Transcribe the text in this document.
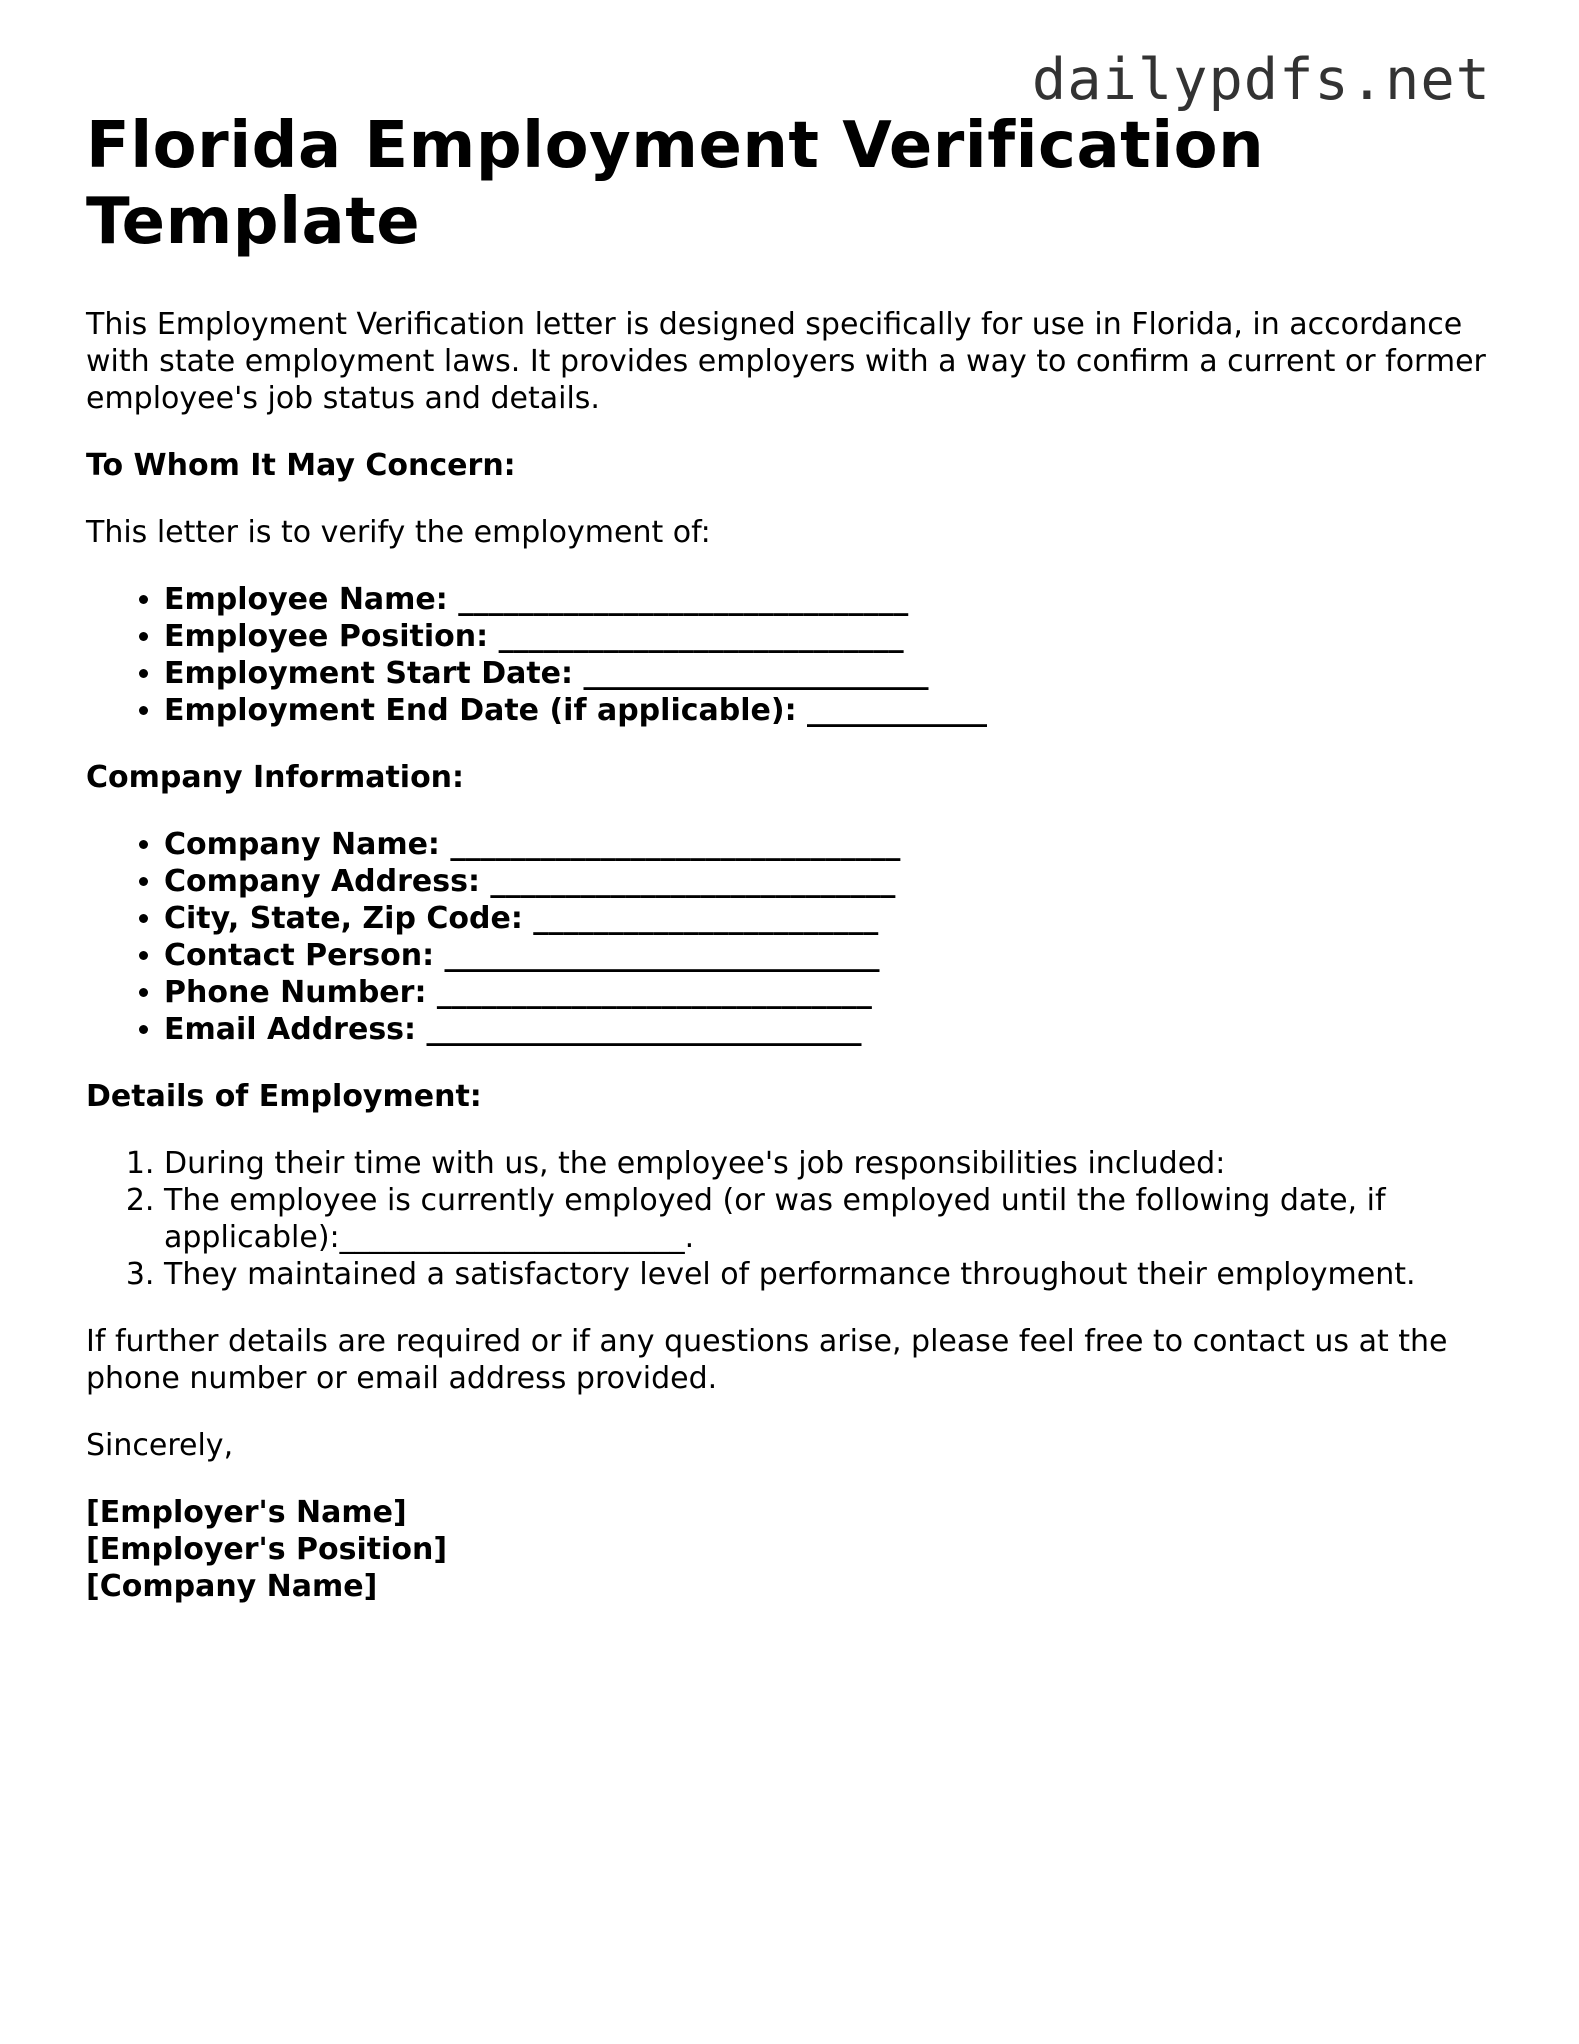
dailypdfs.net
Florida Employment Verification Template

This Employment Verification letter is designed specifically for use in Florida, in accordance with state employment laws. It provides employers with a way to confirm a current or former employee's job status and details.

To Whom It May Concern:

This letter is to verify the employment of:

• Employee Name: ______________________________
• Employee Position: ___________________________
• Employment Start Date: _______________________
• Employment End Date (if applicable): ____________

Company Information:

• Company Name: ______________________________
• Company Address: ___________________________
• City, State, Zip Code: _______________________
• Contact Person: _____________________________
• Phone Number: _____________________________
• Email Address: _____________________________

Details of Employment:

1. During their time with us, the employee's job responsibilities included:
2. The employee is currently employed (or was employed until the following date, if applicable):_______________________.
3. They maintained a satisfactory level of performance throughout their employment.

If further details are required or if any questions arise, please feel free to contact us at the phone number or email address provided.

Sincerely,

[Employer's Name]

[Employer's Position]

[Company Name]
